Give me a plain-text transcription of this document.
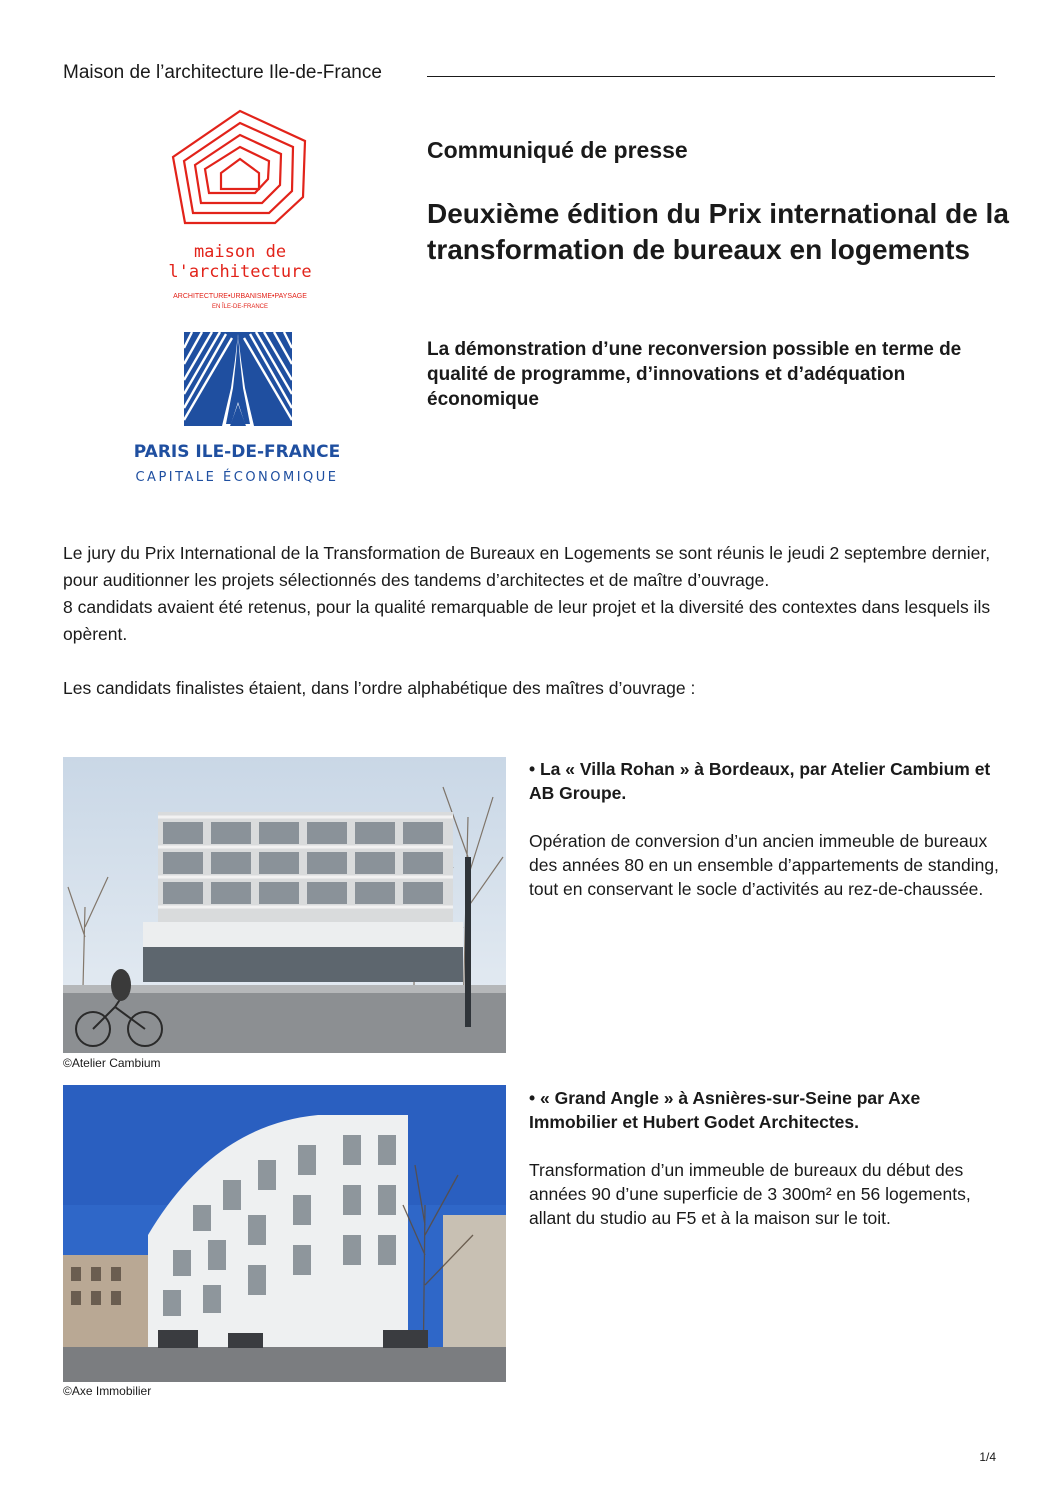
Maison de l’architecture Ile-de-France
maison de
l'architecture
ARCHITECTURE•URBANISME•PAYSAGE
EN ÎLE-DE-FRANCE
PARIS ILE-DE-FRANCE
CAPITALE ÉCONOMIQUE
Communiqué de presse
Deuxième édition du Prix international de la transformation de bureaux en logements
La démonstration d’une reconversion possible en terme de qualité de programme, d’innovations et d’adéquation économique

Le jury du Prix International de la Transformation de Bureaux en Logements se sont réunis le jeudi 2 septembre dernier, pour auditionner les projets sélectionnés des tandems d’architectes et de maître d’ouvrage.

8 candidats avaient été retenus, pour la qualité remarquable de leur projet et la diversité des contextes dans lesquels ils opèrent.

Les candidats finalistes étaient, dans l’ordre alphabétique des maîtres d’ouvrage :

©Atelier Cambium
• La « Villa Rohan » à Bordeaux, par Atelier Cambium et AB Groupe.
Opération de conversion d’un ancien immeuble de bureaux des années 80 en un ensemble d’appartements de standing, tout en conservant le socle d’activités au rez-de-chaussée.
©Axe Immobilier
• « Grand Angle » à Asnières-sur-Seine par Axe Immobilier et Hubert Godet Architectes.
Transformation d’un immeuble de bureaux du début des années 90 d’une superficie de 3 300m² en 56 logements, allant du studio au F5 et à la maison sur le toit.
1/4
